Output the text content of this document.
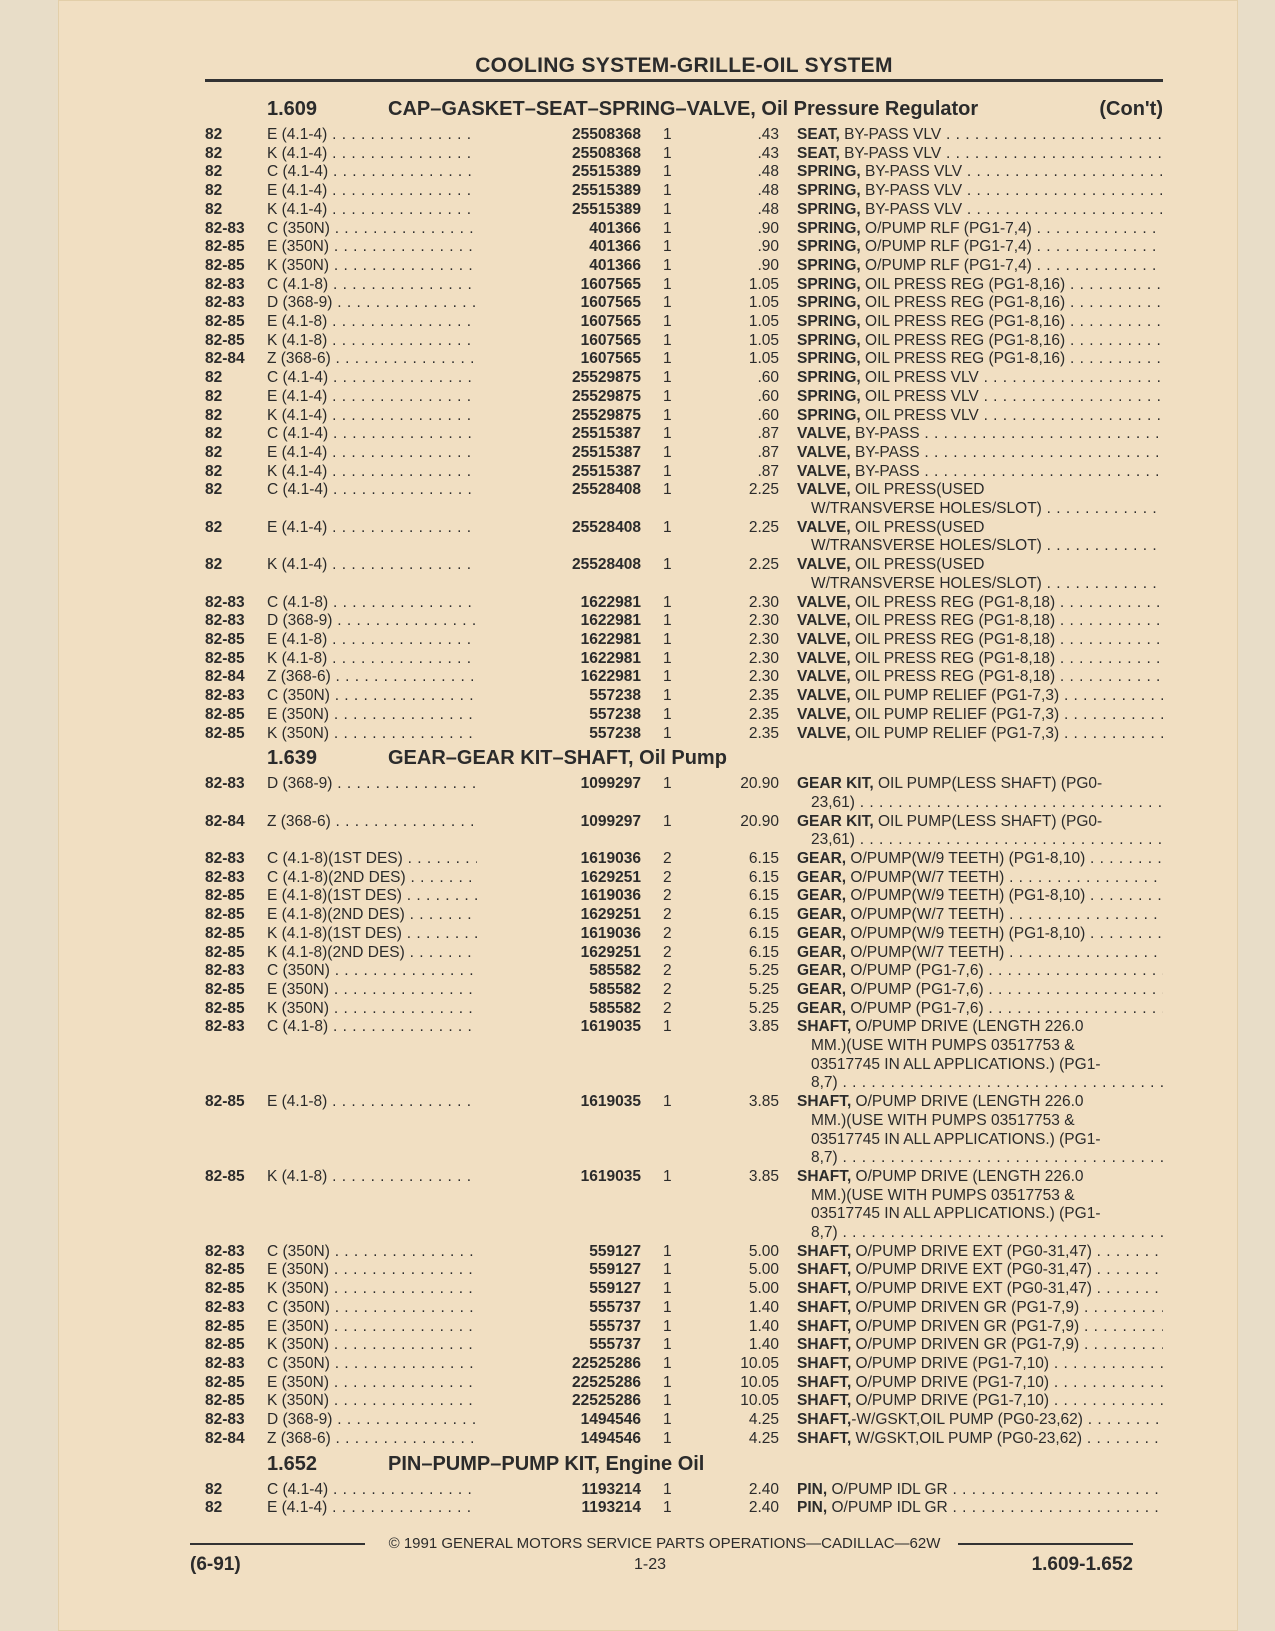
COOLING SYSTEM-GRILLE-OIL SYSTEM
1.609	CAP–GASKET–SEAT–SPRING–VALVE, Oil Pressure Regulator	(Con't)
82	E (4.1-4) . . .	25508368 1	.43 SEAT, BY-PASS VLV . . .
82	K (4.1-4) . . .	25508368 1	.43 SEAT, BY-PASS VLV . . .
82	C (4.1-4) . . .	25515389 1	.48 SPRING, BY-PASS VLV . . .
82	E (4.1-4) . . .	25515389 1	.48 SPRING, BY-PASS VLV . . .
82	K (4.1-4) . . .	25515389 1	.48 SPRING, BY-PASS VLV . . .
82-83	C (350N) . . .	401366 1	.90 SPRING, O/PUMP RLF (PG1-7,4) . . .
82-85	E (350N) . . .	401366 1	.90 SPRING, O/PUMP RLF (PG1-7,4) . . .
82-85	K (350N) . . .	401366 1	.90 SPRING, O/PUMP RLF (PG1-7,4) . . .
82-83	C (4.1-8) . . .	1607565 1	1.05 SPRING, OIL PRESS REG (PG1-8,16) . . .
82-83	D (368-9) . . .	1607565 1	1.05 SPRING, OIL PRESS REG (PG1-8,16) . . .
82-85	E (4.1-8) . . .	1607565 1	1.05 SPRING, OIL PRESS REG (PG1-8,16) . . .
82-85	K (4.1-8) . . .	1607565 1	1.05 SPRING, OIL PRESS REG (PG1-8,16) . . .
82-84	Z (368-6) . . .	1607565 1	1.05 SPRING, OIL PRESS REG (PG1-8,16) . . .
82	C (4.1-4) . . .	25529875 1	.60 SPRING, OIL PRESS VLV . . .
82	E (4.1-4) . . .	25529875 1	.60 SPRING, OIL PRESS VLV . . .
82	K (4.1-4) . . .	25529875 1	.60 SPRING, OIL PRESS VLV . . .
82	C (4.1-4) . . .	25515387 1	.87 VALVE, BY-PASS . . .
82	E (4.1-4) . . .	25515387 1	.87 VALVE, BY-PASS . . .
82	K (4.1-4) . . .	25515387 1	.87 VALVE, BY-PASS . . .
82	C (4.1-4) . . .	25528408 1	2.25 VALVE, OIL PRESS(USED
W/TRANSVERSE HOLES/SLOT) . . .
82	E (4.1-4) . . .	25528408 1	2.25 VALVE, OIL PRESS(USED
W/TRANSVERSE HOLES/SLOT) . . .
82	K (4.1-4) . . .	25528408 1	2.25 VALVE, OIL PRESS(USED
W/TRANSVERSE HOLES/SLOT) . . .
82-83	C (4.1-8) . . .	1622981 1	2.30 VALVE, OIL PRESS REG (PG1-8,18) . . .
82-83	D (368-9) . . .	1622981 1	2.30 VALVE, OIL PRESS REG (PG1-8,18) . . .
82-85	E (4.1-8) . . .	1622981 1	2.30 VALVE, OIL PRESS REG (PG1-8,18) . . .
82-85	K (4.1-8) . . .	1622981 1	2.30 VALVE, OIL PRESS REG (PG1-8,18) . . .
82-84	Z (368-6) . . .	1622981 1	2.30 VALVE, OIL PRESS REG (PG1-8,18) . . .
82-83	C (350N) . . .	557238 1	2.35 VALVE, OIL PUMP RELIEF (PG1-7,3) . . .
82-85	E (350N) . . .	557238 1	2.35 VALVE, OIL PUMP RELIEF (PG1-7,3) . . .
82-85	K (350N) . . .	557238 1	2.35 VALVE, OIL PUMP RELIEF (PG1-7,3) . . .
1.639	GEAR–GEAR KIT–SHAFT, Oil Pump
82-83	D (368-9) . . .	1099297 1	20.90 GEAR KIT, OIL PUMP(LESS SHAFT) (PG0-
23,61) . . .
82-84	Z (368-6) . . .	1099297 1	20.90 GEAR KIT, OIL PUMP(LESS SHAFT) (PG0-
23,61) . . .
82-83	C (4.1-8)(1ST DES) . . .	1619036 2	6.15 GEAR, O/PUMP(W/9 TEETH) (PG1-8,10) . . .
82-83	C (4.1-8)(2ND DES) . . .	1629251 2	6.15 GEAR, O/PUMP(W/7 TEETH) . . .
82-85	E (4.1-8)(1ST DES) . . .	1619036 2	6.15 GEAR, O/PUMP(W/9 TEETH) (PG1-8,10) . . .
82-85	E (4.1-8)(2ND DES) . . .	1629251 2	6.15 GEAR, O/PUMP(W/7 TEETH) . . .
82-85	K (4.1-8)(1ST DES) . . .	1619036 2	6.15 GEAR, O/PUMP(W/9 TEETH) (PG1-8,10) . . .
82-85	K (4.1-8)(2ND DES) . . .	1629251 2	6.15 GEAR, O/PUMP(W/7 TEETH) . . .
82-83	C (350N) . . .	585582 2	5.25 GEAR, O/PUMP (PG1-7,6) . . .
82-85	E (350N) . . .	585582 2	5.25 GEAR, O/PUMP (PG1-7,6) . . .
82-85	K (350N) . . .	585582 2	5.25 GEAR, O/PUMP (PG1-7,6) . . .
82-83	C (4.1-8) . . .	1619035 1	3.85 SHAFT, O/PUMP DRIVE (LENGTH 226.0
MM.)(USE WITH PUMPS 03517753 &
03517745 IN ALL APPLICATIONS.) (PG1-
8,7) . . .
82-85	E (4.1-8) . . .	1619035 1	3.85 SHAFT, O/PUMP DRIVE (LENGTH 226.0
MM.)(USE WITH PUMPS 03517753 &
03517745 IN ALL APPLICATIONS.) (PG1-
8,7) . . .
82-85	K (4.1-8) . . .	1619035 1	3.85 SHAFT, O/PUMP DRIVE (LENGTH 226.0
MM.)(USE WITH PUMPS 03517753 &
03517745 IN ALL APPLICATIONS.) (PG1-
8,7) . . .
82-83	C (350N) . . .	559127 1	5.00 SHAFT, O/PUMP DRIVE EXT (PG0-31,47) . . .
82-85	E (350N) . . .	559127 1	5.00 SHAFT, O/PUMP DRIVE EXT (PG0-31,47) . . .
82-85	K (350N) . . .	559127 1	5.00 SHAFT, O/PUMP DRIVE EXT (PG0-31,47) . . .
82-83	C (350N) . . .	555737 1	1.40 SHAFT, O/PUMP DRIVEN GR (PG1-7,9) . . .
82-85	E (350N) . . .	555737 1	1.40 SHAFT, O/PUMP DRIVEN GR (PG1-7,9) . . .
82-85	K (350N) . . .	555737 1	1.40 SHAFT, O/PUMP DRIVEN GR (PG1-7,9) . . .
82-83	C (350N) . . .	22525286 1	10.05 SHAFT, O/PUMP DRIVE (PG1-7,10) . . .
82-85	E (350N) . . .	22525286 1	10.05 SHAFT, O/PUMP DRIVE (PG1-7,10) . . .
82-85	K (350N) . . .	22525286 1	10.05 SHAFT, O/PUMP DRIVE (PG1-7,10) . . .
82-83	D (368-9) . . .	1494546 1	4.25 SHAFT,-W/GSKT,OIL PUMP (PG0-23,62) . . .
82-84	Z (368-6) . . .	1494546 1	4.25 SHAFT, W/GSKT,OIL PUMP (PG0-23,62) . . .
1.652	PIN–PUMP–PUMP KIT, Engine Oil
82	C (4.1-4) . . .	1193214 1	2.40 PIN, O/PUMP IDL GR . . .
82	E (4.1-4) . . .	1193214 1	2.40 PIN, O/PUMP IDL GR . . .
© 1991 GENERAL MOTORS SERVICE PARTS OPERATIONS—CADILLAC—62W
(6-91)	1-23	1.609-1.652
